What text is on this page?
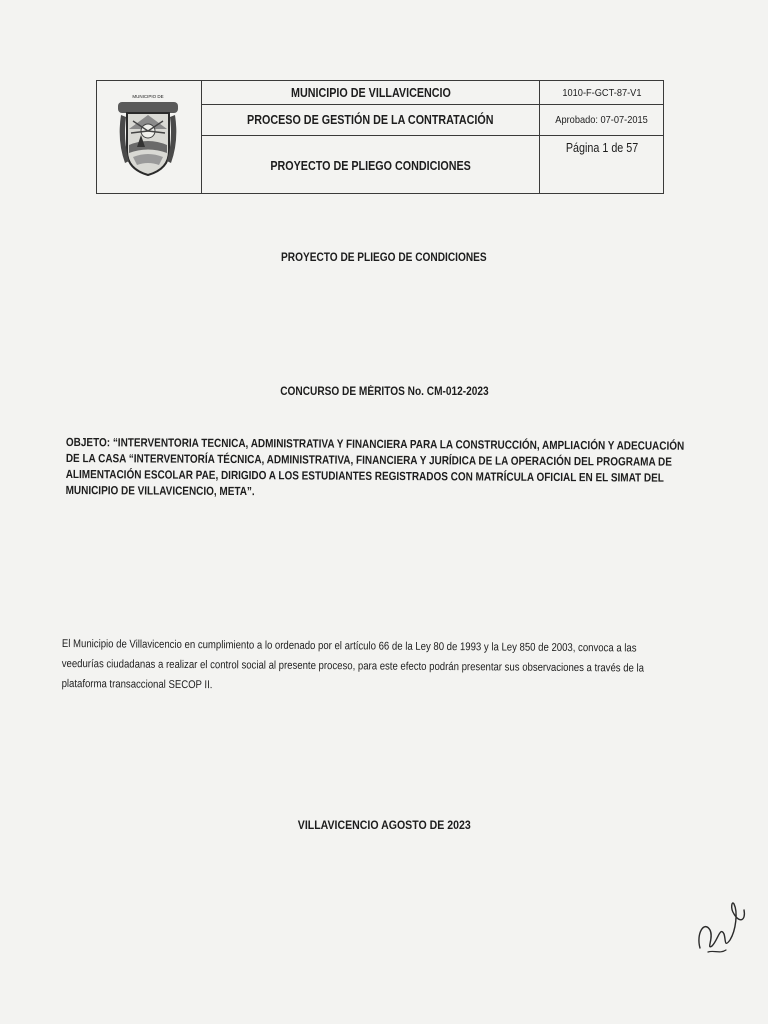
MUNICIPIO DE	MUNICIPIO DE VILLAVICENCIO
PROCESO DE GESTIÓN DE LA CONTRATACIÓN
PROYECTO DE PLIEGO CONDICIONES
1010-F-GCT-87-V1
Aprobado: 07-07-2015
Página 1 de 57
PROYECTO DE PLIEGO DE CONDICIONES
CONCURSO DE MÉRITOS No. CM-012-2023
OBJETO: “INTERVENTORIA TECNICA, ADMINISTRATIVA Y FINANCIERA PARA LA CONSTRUCCIÓN, AMPLIACIÓN Y ADECUACIÓN
DE LA CASA “INTERVENTORÍA TÉCNICA, ADMINISTRATIVA, FINANCIERA Y JURÍDICA DE LA OPERACIÓN DEL PROGRAMA DE
ALIMENTACIÓN ESCOLAR PAE, DIRIGIDO A LOS ESTUDIANTES REGISTRADOS CON MATRÍCULA OFICIAL EN EL SIMAT DEL
MUNICIPIO DE VILLAVICENCIO, META”.
El Municipio de Villavicencio en cumplimiento a lo ordenado por el artículo 66 de la Ley 80 de 1993 y la Ley 850 de 2003, convoca a las
veedurías ciudadanas a realizar el control social al presente proceso, para este efecto podrán presentar sus observaciones a través de la
plataforma transaccional SECOP II.
VILLAVICENCIO AGOSTO DE 2023
